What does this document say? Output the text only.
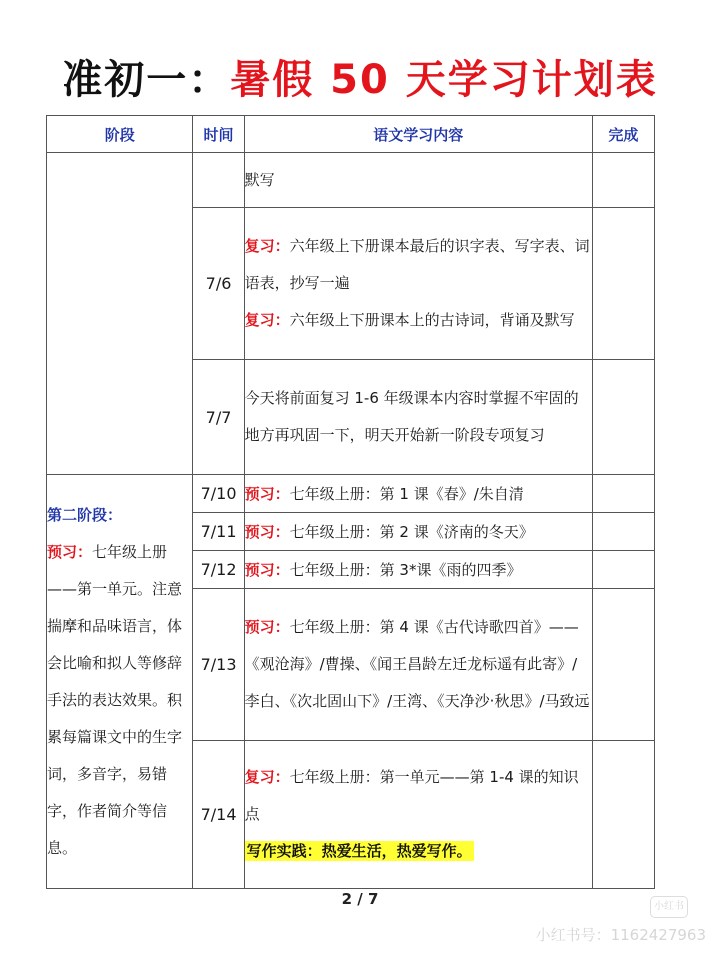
准初一：暑假 50 天学习计划表
阶段	时间	语文学习内容	完成

		默写	

	7/6	复习：六年级上下册课本最后的识字表、写字表、词语表，抄写一遍
复习：六年级上下册课本上的古诗词，背诵及默写	

	7/7	今天将前面复习 1-6 年级课本内容时掌握不牢固的地方再巩固一下，明天开始新一阶段专项复习	

第二阶段：
预习：七年级上册——第一单元。注意揣摩和品味语言，体会比喻和拟人等修辞手法的表达效果。积累每篇课文中的生字词，多音字，易错字，作者简介等信息。	7/10	预习：七年级上册：第 1 课《春》/朱自清	
	7/11	预习：七年级上册：第 2 课《济南的冬天》	
	7/12	预习：七年级上册：第 3*课《雨的四季》	
	7/13	预习：七年级上册：第 4 课《古代诗歌四首》——《观沧海》/曹操、《闻王昌龄左迁龙标遥有此寄》/李白、《次北固山下》/王湾、《天净沙·秋思》/马致远	
	7/14	复习：七年级上册：第一单元——第 1-4 课的知识点
写作实践：热爱生活，热爱写作。	

2 / 7	小红书
小红书号：1162427963
